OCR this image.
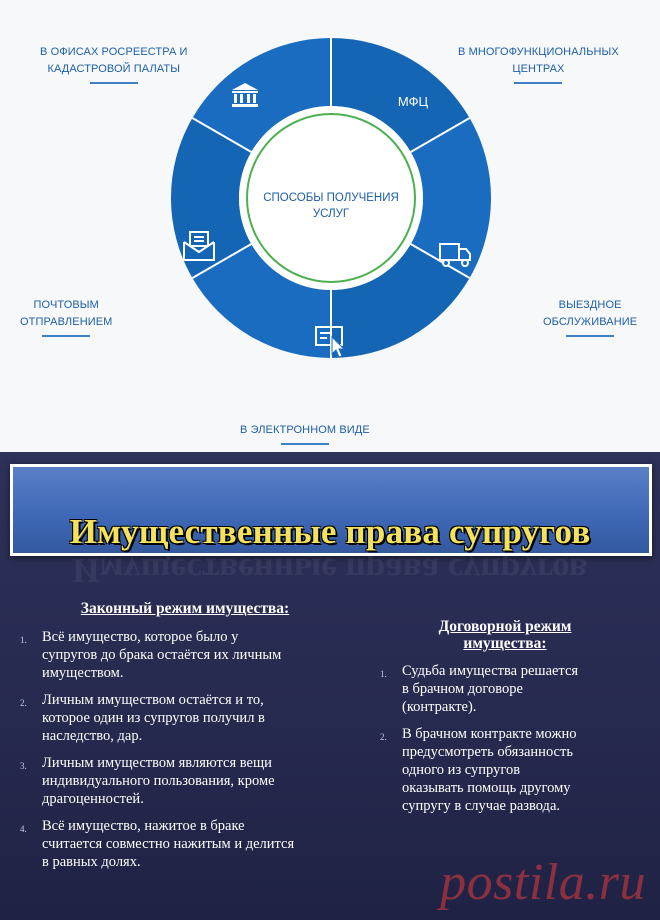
СПОСОБЫ ПОЛУЧЕНИЯ
УСЛУГ
МФЦ
В ОФИСАХ РОСРЕЕСТРА И
КАДАСТРОВОЙ ПАЛАТЫ
В МНОГОФУНКЦИОНАЛЬНЫХ
ЦЕНТРАХ
ПОЧТОВЫМ
ОТПРАВЛЕНИЕМ
ВЫЕЗДНОЕ
ОБСЛУЖИВАНИЕ
В ЭЛЕКТРОННОМ ВИДЕ
Имущественные права супругов
Имущественные права супругов
Законный режим имущества:
1. Всё имущество, которое было у
супругов до брака остаётся их личным
имуществом.
2. Личным имуществом остаётся и то,
которое один из супругов получил в
наследство, дар.
3. Личным имуществом являются вещи
индивидуального пользования, кроме
драгоценностей.
4. Всё имущество, нажитое в браке
считается совместно нажитым и делится
в равных долях.
Договорной режим
имущества:
1. Судьба имущества решается
в брачном договоре
(контракте).
2. В брачном контракте можно
предусмотреть обязанность
одного из супругов
оказывать помощь другому
супругу в случае развода.
postila.ru
